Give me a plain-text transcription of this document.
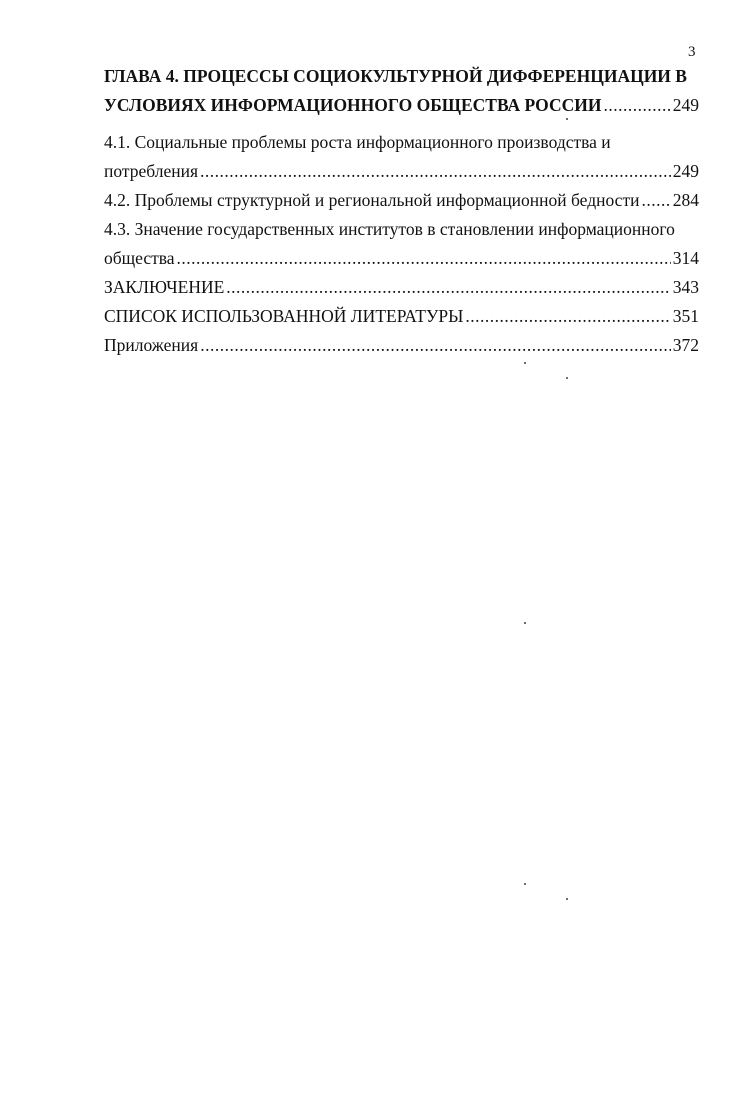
3
ГЛАВА 4. ПРОЦЕССЫ СОЦИОКУЛЬТУРНОЙ ДИФФЕРЕНЦИАЦИИ В
УСЛОВИЯХ ИНФОРМАЦИОННОГО ОБЩЕСТВА РОССИИ .....	249
4.1. Социальные проблемы роста информационного производства и
потребления .....	249
4.2. Проблемы структурной и региональной информационной бедности ..... 284
4.3. Значение государственных институтов в становлении информационного
общества .....	314
ЗАКЛЮЧЕНИЕ .....	343
СПИСОК ИСПОЛЬЗОВАННОЙ ЛИТЕРАТУРЫ .....	351
Приложения .....	372
